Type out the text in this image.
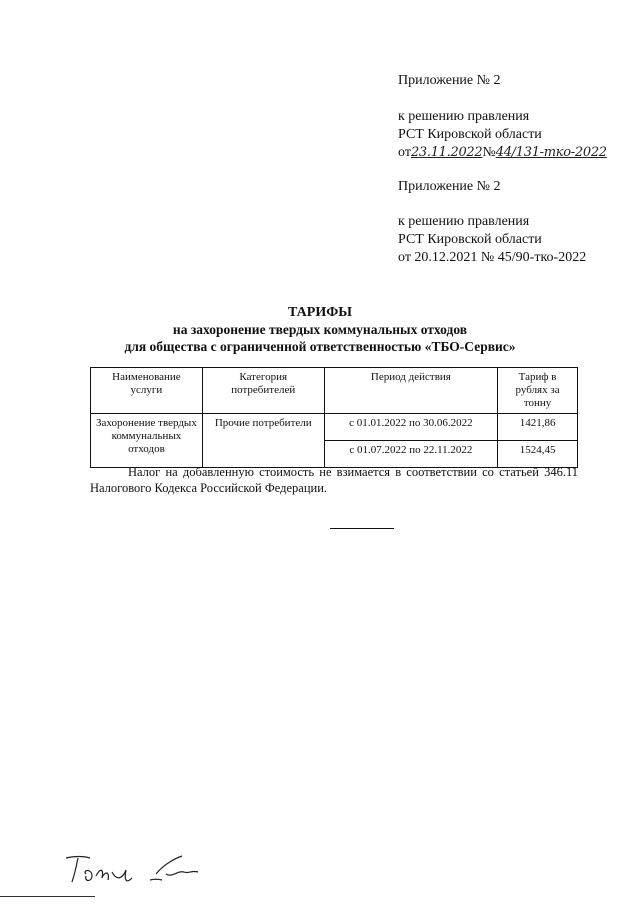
Приложение № 2
к решению правления
РСТ Кировской области
от23.11.2022№44/131-тко-2022
Приложение № 2
к решению правления
РСТ Кировской области
от 20.12.2021 № 45/90-тко-2022
ТАРИФЫ
на захоронение твердых коммунальных отходов
для общества с ограниченной ответственностью «ТБО-Сервис»
Наименование услуги	Категория потребителей	Период действия	Тариф в рублях за тонну
Захоронение твердых коммунальных отходов	Прочие потребители	с 01.01.2022 по 30.06.2022	1421,86
		с 01.07.2022 по 22.11.2022	1524,45
Налог на добавленную стоимость не взимается в соответствии со статьей 346.11 Налогового Кодекса Российской Федерации.
